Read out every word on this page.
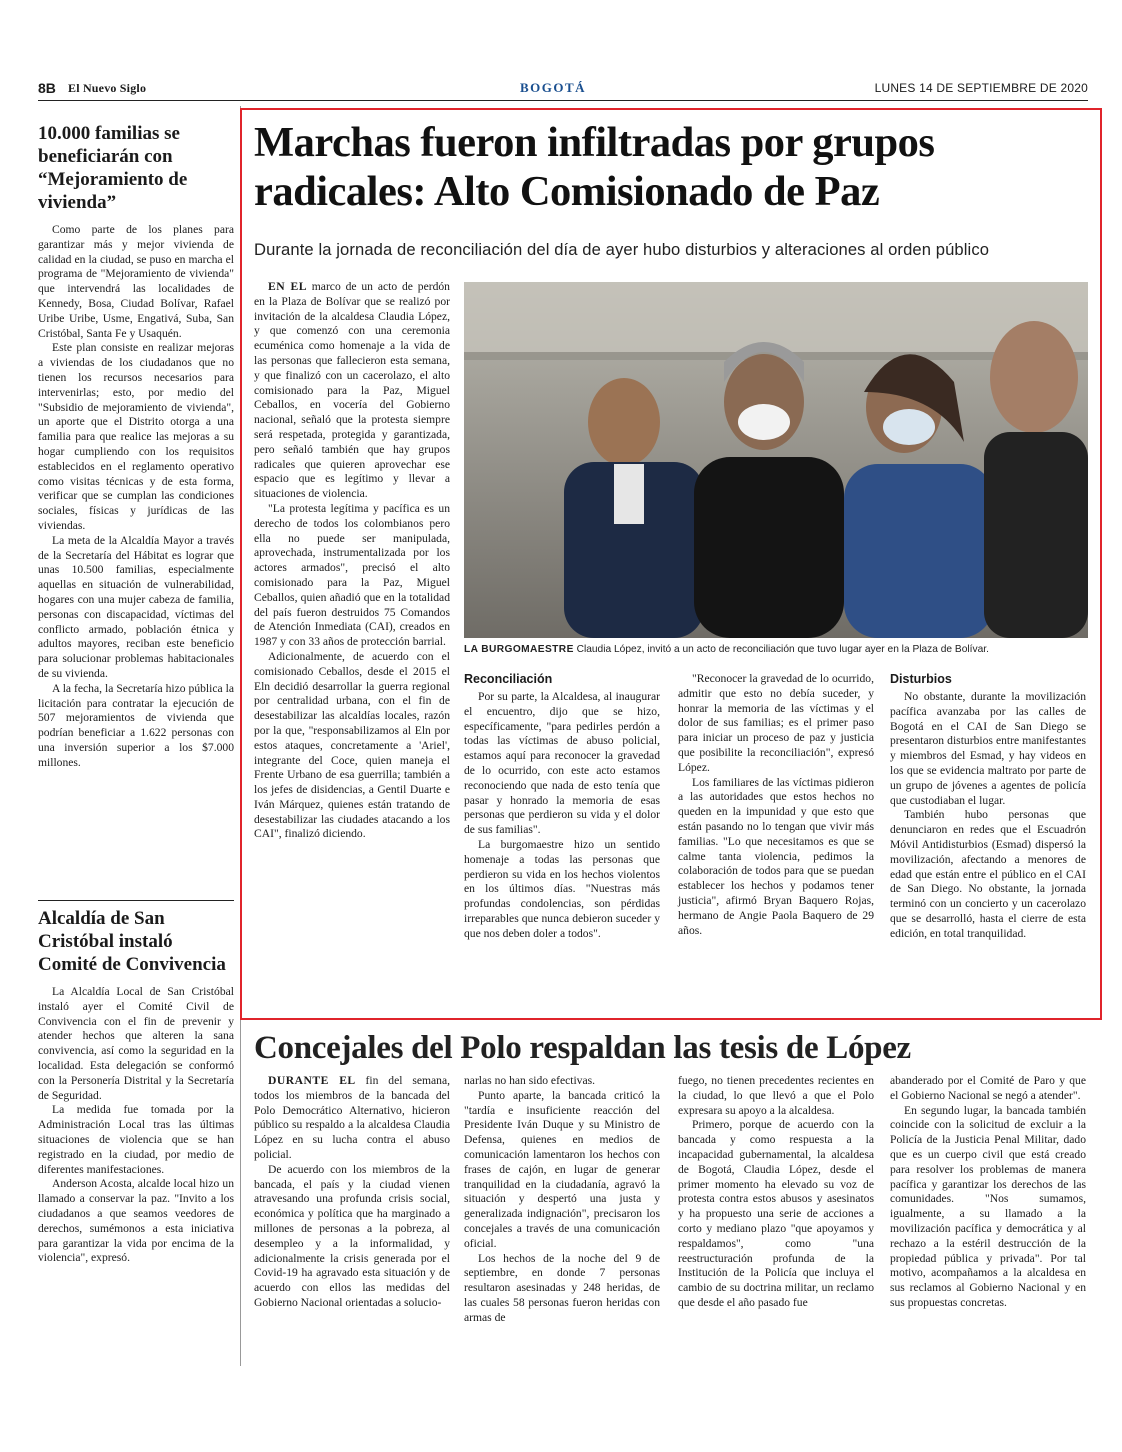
8B El Nuevo Siglo	BOGOTÁ	LUNES 14 DE SEPTIEMBRE DE 2020
10.000 familias se beneficiarán con “Mejoramiento de vivienda”

Como parte de los planes para garantizar más y mejor vivienda de calidad en la ciudad, se puso en marcha el programa de "Mejoramiento de vivienda" que intervendrá las localidades de Kennedy, Bosa, Ciudad Bolívar, Rafael Uribe Uribe, Usme, Engativá, Suba, San Cristóbal, Santa Fe y Usaquén.

Este plan consiste en realizar mejoras a viviendas de los ciudadanos que no tienen los recursos necesarios para intervenirlas; esto, por medio del "Subsidio de mejoramiento de vivienda", un aporte que el Distrito otorga a una familia para que realice las mejoras a su hogar cumpliendo con los requisitos establecidos en el reglamento operativo como visitas técnicas y de esta forma, verificar que se cumplan las condiciones sociales, físicas y jurídicas de las viviendas.

La meta de la Alcaldía Mayor a través de la Secretaría del Hábitat es lograr que unas 10.500 familias, especialmente aquellas en situación de vulnerabilidad, hogares con una mujer cabeza de familia, personas con discapacidad, víctimas del conflicto armado, población étnica y adultos mayores, reciban este beneficio para solucionar problemas habitacionales de su vivienda.

A la fecha, la Secretaría hizo pública la licitación para contratar la ejecución de 507 mejoramientos de vivienda que podrían beneficiar a 1.622 personas con una inversión superior a los $7.000 millones.

Alcaldía de San Cristóbal instaló Comité de Convivencia

La Alcaldía Local de San Cristóbal instaló ayer el Comité Civil de Convivencia con el fin de prevenir y atender hechos que alteren la sana convivencia, así como la seguridad en la localidad. Esta delegación se conformó con la Personería Distrital y la Secretaría de Seguridad.

La medida fue tomada por la Administración Local tras las últimas situaciones de violencia que se han registrado en la ciudad, por medio de diferentes manifestaciones.

Anderson Acosta, alcalde local hizo un llamado a conservar la paz. "Invito a los ciudadanos a que seamos veedores de derechos, sumémonos a esta iniciativa para garantizar la vida por encima de la violencia", expresó.

Marchas fueron infiltradas por grupos radicales: Alto Comisionado de Paz
Durante la jornada de reconciliación del día de ayer hubo disturbios y alteraciones al orden público

EN EL marco de un acto de perdón en la Plaza de Bolívar que se realizó por invitación de la alcaldesa Claudia López, y que comenzó con una ceremonia ecuménica como homenaje a la vida de las personas que fallecieron esta semana, y que finalizó con un cacerolazo, el alto comisionado para la Paz, Miguel Ceballos, en vocería del Gobierno nacional, señaló que la protesta siempre será respetada, protegida y garantizada, pero señaló también que hay grupos radicales que quieren aprovechar ese espacio que es legítimo y llevar a situaciones de violencia.

"La protesta legítima y pacífica es un derecho de todos los colombianos pero ella no puede ser manipulada, aprovechada, instrumentalizada por los actores armados", precisó el alto comisionado para la Paz, Miguel Ceballos, quien añadió que en la totalidad del país fueron destruidos 75 Comandos de Atención Inmediata (CAI), creados en 1987 y con 33 años de protección barrial.

Adicionalmente, de acuerdo con el comisionado Ceballos, desde el 2015 el Eln decidió desarrollar la guerra regional por centralidad urbana, con el fin de desestabilizar las alcaldías locales, razón por la que, "responsabilizamos al Eln por estos ataques, concretamente a 'Ariel', integrante del Coce, quien maneja el Frente Urbano de esa guerrilla; también a los jefes de disidencias, a Gentil Duarte e Iván Márquez, quienes están tratando de desestabilizar las ciudades atacando a los CAI", finalizó diciendo.

LA BURGOMAESTRE Claudia López, invitó a un acto de reconciliación que tuvo lugar ayer en la Plaza de Bolívar.
Reconciliación

Por su parte, la Alcaldesa, al inaugurar el encuentro, dijo que se hizo, específicamente, "para pedirles perdón a todas las víctimas de abuso policial, estamos aquí para reconocer la gravedad de lo ocurrido, con este acto estamos reconociendo que nada de esto tenía que pasar y honrado la memoria de esas personas que perdieron su vida y el dolor de sus familias".

La burgomaestre hizo un sentido homenaje a todas las personas que perdieron su vida en los hechos violentos en los últimos días. "Nuestras más profundas condolencias, son pérdidas irreparables que nunca debieron suceder y que nos deben doler a todos".

"Reconocer la gravedad de lo ocurrido, admitir que esto no debía suceder, y honrar la memoria de las víctimas y el dolor de sus familias; es el primer paso para iniciar un proceso de paz y justicia que posibilite la reconciliación", expresó López.

Los familiares de las víctimas pidieron a las autoridades que estos hechos no queden en la impunidad y que esto que están pasando no lo tengan que vivir más familias. "Lo que necesitamos es que se calme tanta violencia, pedimos la colaboración de todos para que se puedan establecer los hechos y podamos tener justicia", afirmó Bryan Baquero Rojas, hermano de Angie Paola Baquero de 29 años.

Disturbios

No obstante, durante la movilización pacífica avanzaba por las calles de Bogotá en el CAI de San Diego se presentaron disturbios entre manifestantes y miembros del Esmad, y hay videos en los que se evidencia maltrato por parte de un grupo de jóvenes a agentes de policía que custodiaban el lugar.

También hubo personas que denunciaron en redes que el Escuadrón Móvil Antidisturbios (Esmad) dispersó la movilización, afectando a menores de edad que están entre el público en el CAI de San Diego. No obstante, la jornada terminó con un concierto y un cacerolazo que se desarrolló, hasta el cierre de esta edición, en total tranquilidad.

Concejales del Polo respaldan las tesis de López

DURANTE EL fin del semana, todos los miembros de la bancada del Polo Democrático Alternativo, hicieron público su respaldo a la alcaldesa Claudia López en su lucha contra el abuso policial.

De acuerdo con los miembros de la bancada, el país y la ciudad vienen atravesando una profunda crisis social, económica y política que ha marginado a millones de personas a la pobreza, al desempleo y a la informalidad, y adicionalmente la crisis generada por el Covid-19 ha agravado esta situación y de acuerdo con ellos las medidas del Gobierno Nacional orientadas a solucio-

narlas no han sido efectivas.

Punto aparte, la bancada criticó la "tardía e insuficiente reacción del Presidente Iván Duque y su Ministro de Defensa, quienes en medios de comunicación lamentaron los hechos con frases de cajón, en lugar de generar tranquilidad en la ciudadanía, agravó la situación y despertó una justa y generalizada indignación", precisaron los concejales a través de una comunicación oficial.

Los hechos de la noche del 9 de septiembre, en donde 7 personas resultaron asesinadas y 248 heridas, de las cuales 58 personas fueron heridas con armas de

fuego, no tienen precedentes recientes en la ciudad, lo que llevó a que el Polo expresara su apoyo a la alcaldesa.

Primero, porque de acuerdo con la bancada y como respuesta a la incapacidad gubernamental, la alcaldesa de Bogotá, Claudia López, desde el primer momento ha elevado su voz de protesta contra estos abusos y asesinatos y ha propuesto una serie de acciones a corto y mediano plazo "que apoyamos y respaldamos", como "una reestructuración profunda de la Institución de la Policía que incluya el cambio de su doctrina militar, un reclamo que desde el año pasado fue

abanderado por el Comité de Paro y que el Gobierno Nacional se negó a atender".

En segundo lugar, la bancada también coincide con la solicitud de excluir a la Policía de la Justicia Penal Militar, dado que es un cuerpo civil que está creado para resolver los problemas de manera pacífica y garantizar los derechos de las comunidades. "Nos sumamos, igualmente, a su llamado a la movilización pacífica y democrática y al rechazo a la estéril destrucción de la propiedad pública y privada". Por tal motivo, acompañamos a la alcaldesa en sus reclamos al Gobierno Nacional y en sus propuestas concretas.
